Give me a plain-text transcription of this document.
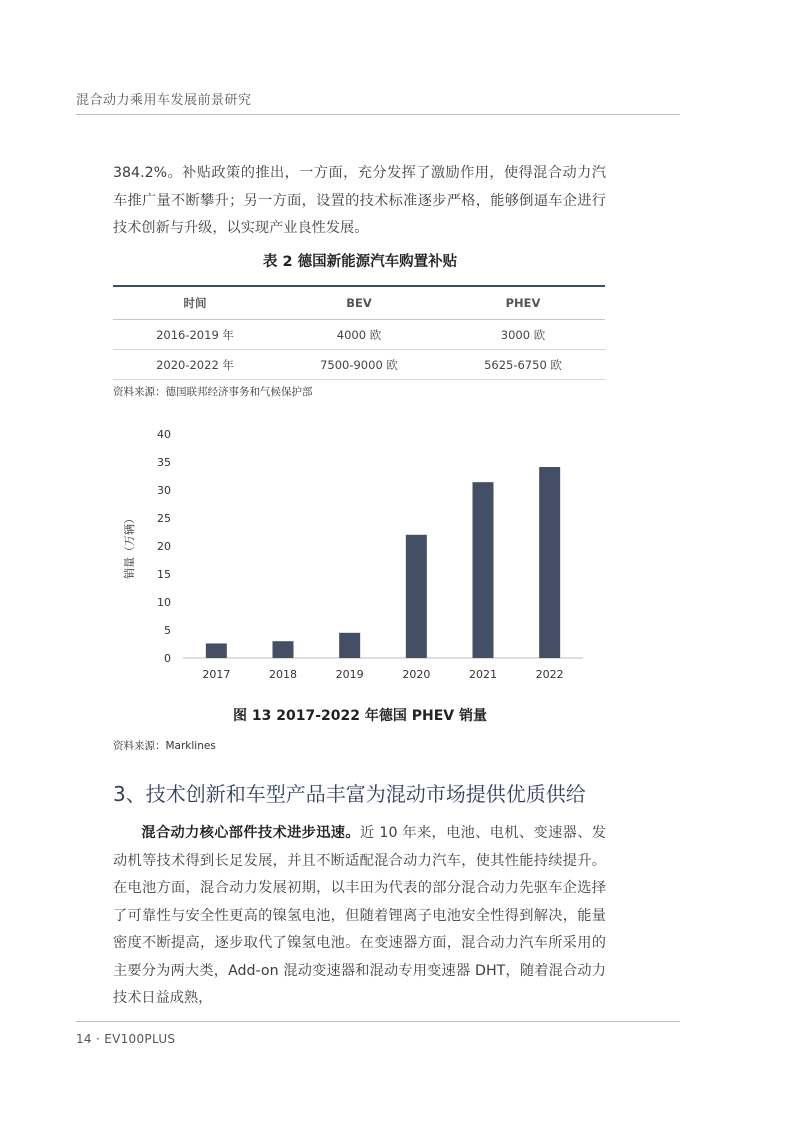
混合动力乘用车发展前景研究

384.2%。补贴政策的推出，一方面，充分发挥了激励作用，使得混合动力汽车推广量不断攀升；另一方面，设置的技术标准逐步严格，能够倒逼车企进行技术创新与升级，以实现产业良性发展。

表 2 德国新能源汽车购置补贴
时间	BEV	PHEV
2016-2019 年	4000 欧	3000 欧
2020-2022 年	7500-9000 欧	5625-6750 欧
资料来源：德国联邦经济事务和气候保护部
0
5
10
15
20
25
30
35
40
销量（万辆）
2017	2018	2019	2020	2021	2022
图 13 2017-2022 年德国 PHEV 销量
资料来源：Marklines
3、技术创新和车型产品丰富为混动市场提供优质供给

混合动力核心部件技术进步迅速。近 10 年来，电池、电机、变速器、发动机等技术得到长足发展，并且不断适配混合动力汽车，使其性能持续提升。在电池方面，混合动力发展初期，以丰田为代表的部分混合动力先驱车企选择了可靠性与安全性更高的镍氢电池，但随着锂离子电池安全性得到解决，能量密度不断提高，逐步取代了镍氢电池。在变速器方面，混合动力汽车所采用的主要分为两大类，Add-on 混动变速器和混动专用变速器 DHT，随着混合动力技术日益成熟，

14 · EV100PLUS
